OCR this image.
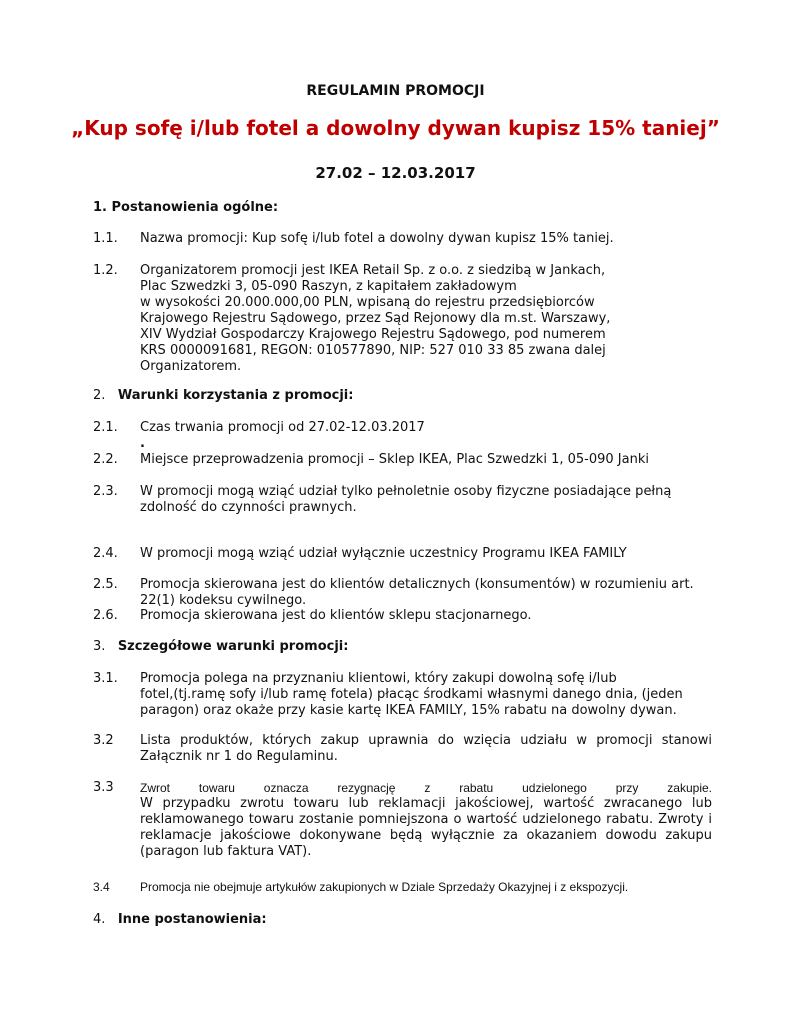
REGULAMIN PROMOCJI
„Kup sofę i/lub fotel a dowolny dywan kupisz 15% taniej”
27.02 – 12.03.2017
1. Postanowienia ogólne:
1.1. Nazwa promocji: Kup sofę i/lub fotel a dowolny dywan kupisz 15% taniej.
1.2. Organizatorem promocji jest IKEA Retail Sp. z o.o. z siedzibą w Jankach,
Plac Szwedzki 3, 05-090 Raszyn, z kapitałem zakładowym
w wysokości 20.000.000,00 PLN, wpisaną do rejestru przedsiębiorców
Krajowego Rejestru Sądowego, przez Sąd Rejonowy dla m.st. Warszawy,
XIV Wydział Gospodarczy Krajowego Rejestru Sądowego, pod numerem
KRS 0000091681, REGON: 010577890, NIP: 527 010 33 85 zwana dalej
Organizatorem.
2. Warunki korzystania z promocji:
2.1. Czas trwania promocji od 27.02-12.03.2017
.
2.2. Miejsce przeprowadzenia promocji – Sklep IKEA, Plac Szwedzki 1, 05-090 Janki
2.3. W promocji mogą wziąć udział tylko pełnoletnie osoby fizyczne posiadające pełną
zdolność do czynności prawnych.
2.4. W promocji mogą wziąć udział wyłącznie uczestnicy Programu IKEA FAMILY
2.5. Promocja skierowana jest do klientów detalicznych (konsumentów) w rozumieniu art.
22(1) kodeksu cywilnego.
2.6. Promocja skierowana jest do klientów sklepu stacjonarnego.
3. Szczegółowe warunki promocji:
3.1. Promocja polega na przyznaniu klientowi, który zakupi dowolną sofę i/lub
fotel,(tj.ramę sofy i/lub ramę fotela) płacąc środkami własnymi danego dnia, (jeden
paragon) oraz okaże przy kasie kartę IKEA FAMILY, 15% rabatu na dowolny dywan.
3.2 Lista produktów, których zakup uprawnia do wzięcia udziału w promocji stanowi
Załącznik nr 1 do Regulaminu.
3.3 Zwrot towaru oznacza rezygnację z rabatu udzielonego przy zakupie.
W przypadku zwrotu towaru lub reklamacji jakościowej, wartość zwracanego lub
reklamowanego towaru zostanie pomniejszona o wartość udzielonego rabatu. Zwroty i
reklamacje jakościowe dokonywane będą wyłącznie za okazaniem dowodu zakupu
(paragon lub faktura VAT).
3.4	Promocja nie obejmuje artykułów zakupionych w Dziale Sprzedaży Okazyjnej i z ekspozycji.
4. Inne postanowienia:
